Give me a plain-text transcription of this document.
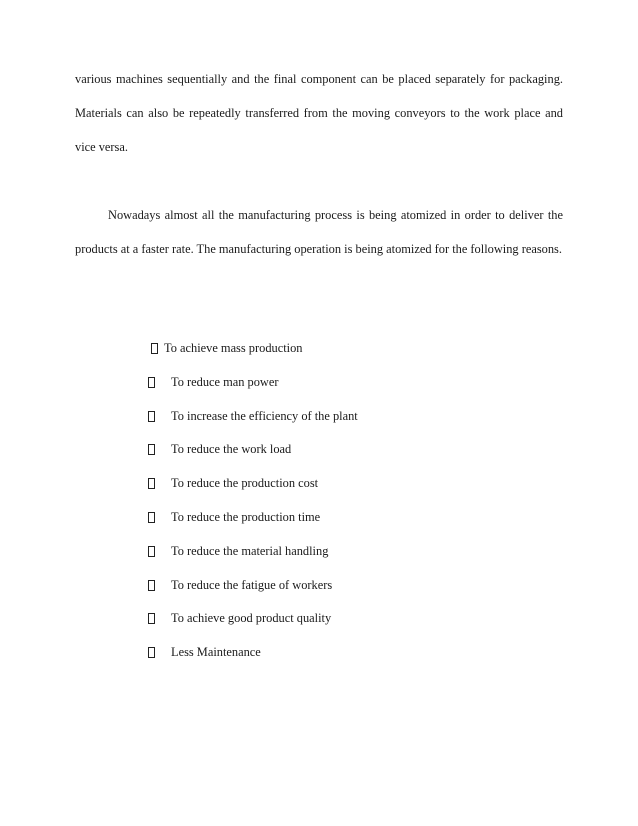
various machines sequentially and the final component can be placed separately for packaging. Materials can also be repeatedly transferred from the moving conveyors to the work place and vice versa.

Nowadays almost all the manufacturing process is being atomized in order to deliver the products at a faster rate. The manufacturing operation is being atomized for the following reasons.

To achieve mass production
To reduce man power
To increase the efficiency of the plant
To reduce the work load
To reduce the production cost
To reduce the production time
To reduce the material handling
To reduce the fatigue of workers
To achieve good product quality
Less Maintenance
